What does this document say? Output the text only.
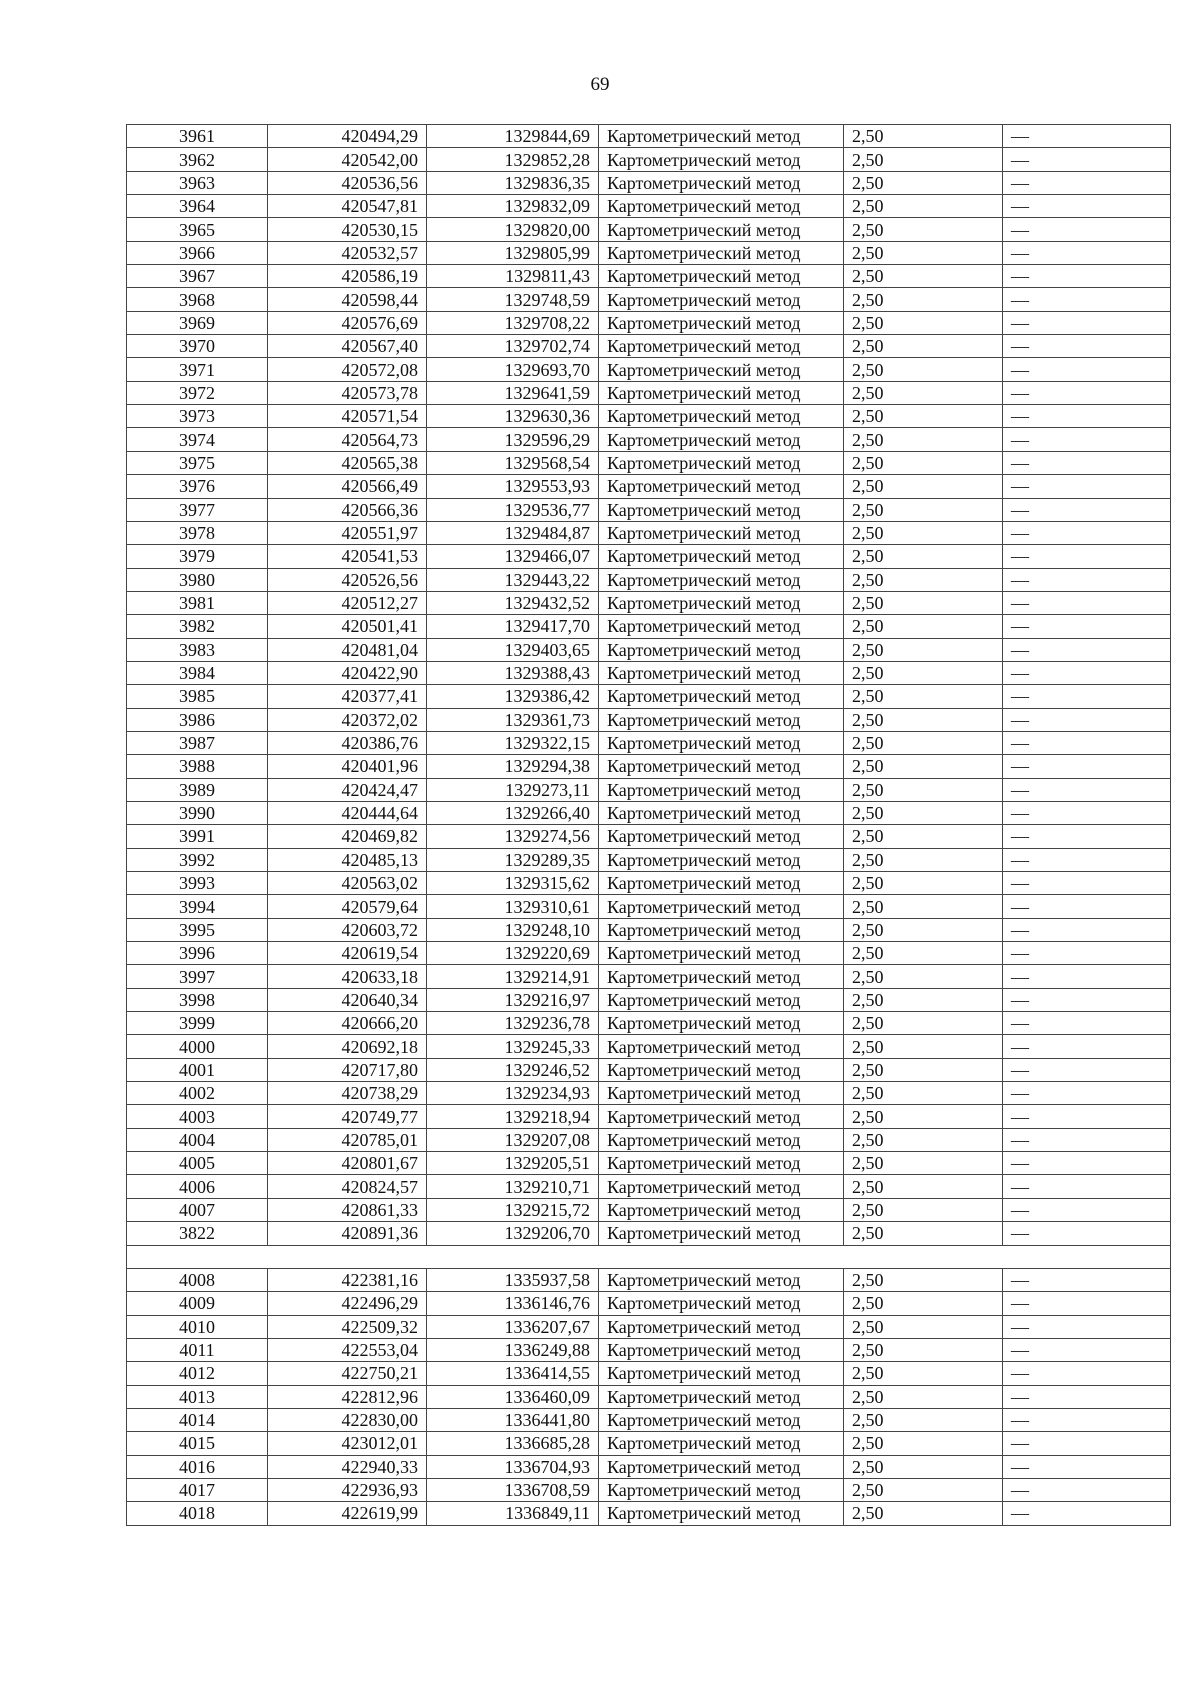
69
3961	420494,29	1329844,69	Картометрический метод	2,50	—
3962	420542,00	1329852,28	Картометрический метод	2,50	—
3963	420536,56	1329836,35	Картометрический метод	2,50	—
3964	420547,81	1329832,09	Картометрический метод	2,50	—
3965	420530,15	1329820,00	Картометрический метод	2,50	—
3966	420532,57	1329805,99	Картометрический метод	2,50	—
3967	420586,19	1329811,43	Картометрический метод	2,50	—
3968	420598,44	1329748,59	Картометрический метод	2,50	—
3969	420576,69	1329708,22	Картометрический метод	2,50	—
3970	420567,40	1329702,74	Картометрический метод	2,50	—
3971	420572,08	1329693,70	Картометрический метод	2,50	—
3972	420573,78	1329641,59	Картометрический метод	2,50	—
3973	420571,54	1329630,36	Картометрический метод	2,50	—
3974	420564,73	1329596,29	Картометрический метод	2,50	—
3975	420565,38	1329568,54	Картометрический метод	2,50	—
3976	420566,49	1329553,93	Картометрический метод	2,50	—
3977	420566,36	1329536,77	Картометрический метод	2,50	—
3978	420551,97	1329484,87	Картометрический метод	2,50	—
3979	420541,53	1329466,07	Картометрический метод	2,50	—
3980	420526,56	1329443,22	Картометрический метод	2,50	—
3981	420512,27	1329432,52	Картометрический метод	2,50	—
3982	420501,41	1329417,70	Картометрический метод	2,50	—
3983	420481,04	1329403,65	Картометрический метод	2,50	—
3984	420422,90	1329388,43	Картометрический метод	2,50	—
3985	420377,41	1329386,42	Картометрический метод	2,50	—
3986	420372,02	1329361,73	Картометрический метод	2,50	—
3987	420386,76	1329322,15	Картометрический метод	2,50	—
3988	420401,96	1329294,38	Картометрический метод	2,50	—
3989	420424,47	1329273,11	Картометрический метод	2,50	—
3990	420444,64	1329266,40	Картометрический метод	2,50	—
3991	420469,82	1329274,56	Картометрический метод	2,50	—
3992	420485,13	1329289,35	Картометрический метод	2,50	—
3993	420563,02	1329315,62	Картометрический метод	2,50	—
3994	420579,64	1329310,61	Картометрический метод	2,50	—
3995	420603,72	1329248,10	Картометрический метод	2,50	—
3996	420619,54	1329220,69	Картометрический метод	2,50	—
3997	420633,18	1329214,91	Картометрический метод	2,50	—
3998	420640,34	1329216,97	Картометрический метод	2,50	—
3999	420666,20	1329236,78	Картометрический метод	2,50	—
4000	420692,18	1329245,33	Картометрический метод	2,50	—
4001	420717,80	1329246,52	Картометрический метод	2,50	—
4002	420738,29	1329234,93	Картометрический метод	2,50	—
4003	420749,77	1329218,94	Картометрический метод	2,50	—
4004	420785,01	1329207,08	Картометрический метод	2,50	—
4005	420801,67	1329205,51	Картометрический метод	2,50	—
4006	420824,57	1329210,71	Картометрический метод	2,50	—
4007	420861,33	1329215,72	Картометрический метод	2,50	—
3822	420891,36	1329206,70	Картометрический метод	2,50	—

4008	422381,16	1335937,58	Картометрический метод	2,50	—
4009	422496,29	1336146,76	Картометрический метод	2,50	—
4010	422509,32	1336207,67	Картометрический метод	2,50	—
4011	422553,04	1336249,88	Картометрический метод	2,50	—
4012	422750,21	1336414,55	Картометрический метод	2,50	—
4013	422812,96	1336460,09	Картометрический метод	2,50	—
4014	422830,00	1336441,80	Картометрический метод	2,50	—
4015	423012,01	1336685,28	Картометрический метод	2,50	—
4016	422940,33	1336704,93	Картометрический метод	2,50	—
4017	422936,93	1336708,59	Картометрический метод	2,50	—
4018	422619,99	1336849,11	Картометрический метод	2,50	—
